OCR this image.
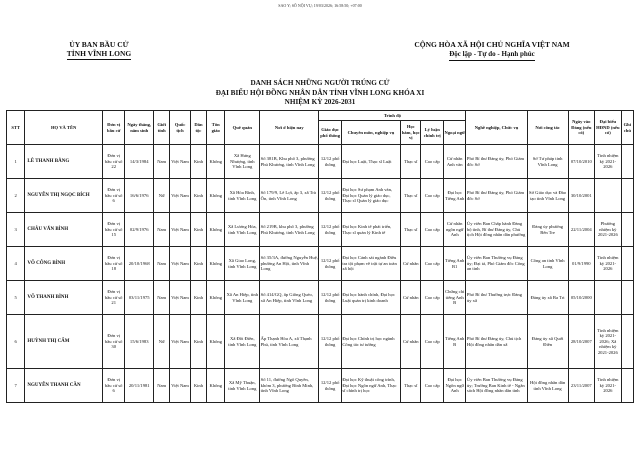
SAO Y; SỐ NỘI VỤ; 19/03/2026; 16:58:50; +07:00
ỦY BAN BẦU CỬ
TỈNH VĨNH LONG
CỘNG HÒA XÃ HỘI CHỦ NGHĨA VIỆT NAM
Độc lập - Tự do - Hạnh phúc
DANH SÁCH NHỮNG NGƯỜI TRÚNG CỬ
ĐẠI BIỂU HỘI ĐỒNG NHÂN DÂN TỈNH VĨNH LONG KHÓA XI
NHIỆM KỲ 2026-2031
STT	HỌ VÀ TÊN	Đơn vị bầu cử	Ngày tháng, năm sinh	Giới tính	Quốc tịch	Dân tộc	Tôn giáo	Quê quán	Nơi ở hiện nay	Trình độ					Nghề nghiệp, Chức vụ	Nơi công tác	Ngày vào Đảng (nếu có)	Đại biểu HĐND (nếu có)	Ghi chú
										Giáo dục phổ thông	Chuyên môn, nghiệp vụ	Học hàm, học vị	Lý luận chính trị	Ngoại ngữ					
1	LÊ THANH BẰNG	Đơn vị bầu cử số 22	14/3/1984	Nam	Việt Nam	Kinh	Không	Xã Hưng Nhượng, tỉnh Vĩnh Long	Số 381B, Khu phố 3, phường Phú Khương, tỉnh Vĩnh Long	12/12 phổ thông	Đại học Luật, Thạc sĩ Luật	Thạc sĩ	Cao cấp	Cử nhân Anh văn	Phó Bí thư Đảng ủy, Phó Giám đốc Sở	Sở Tư pháp tỉnh Vĩnh Long	07/10/2010	Tỉnh nhiệm kỳ 2021-2026	
2	NGUYỄN THỊ NGỌC BÍCH	Đơn vị bầu cử số 6	16/6/1976	Nữ	Việt Nam	Kinh	Không	Xã Hòa Bình, tỉnh Vĩnh Long	Số 179/9, Lê Lợi, ấp 3, xã Trà Ôn, tỉnh Vĩnh Long	12/12 phổ thông	Đại học Sư phạm Anh văn, Đại học Quản lý giáo dục, Thạc sĩ Quản lý giáo dục	Thạc sĩ	Cao cấp	Đại học Tiếng Anh	Phó Bí thư Đảng ủy, Phó Giám đốc Sở	Sở Giáo dục và Đào tạo tỉnh Vĩnh Long	30/10/2001		
3	CHÂU VĂN BÌNH	Đơn vị bầu cử số 15	02/9/1976	Nam	Việt Nam	Kinh	Không	Xã Lương Hòa, tỉnh Vĩnh Long	Số 219B, khu phố 3, phường Phú Khương, tỉnh Vĩnh Long	12/12 phổ thông	Đại học Kinh tế phát triển, Thạc sĩ quản lý Kinh tế	Thạc sĩ	Cao cấp	Cử nhân ngôn ngữ Anh	Ủy viên Ban Chấp hành Đảng bộ tỉnh, Bí thư Đảng ủy, Chủ tịch Hội đồng nhân dân phường	Đảng ủy phường Bến Tre	22/11/2004	Phường nhiệm kỳ 2021-2026	
4	VÕ CÔNG BÌNH	Đơn vị bầu cử số 18	20/10/1968	Nam	Việt Nam	Kinh	Không	Xã Giao Long, tỉnh Vĩnh Long	Số 35/3A, đường Nguyễn Huệ, phường An Hội, tỉnh Vĩnh Long	12/12 phổ thông	Đại học Cảnh sát ngành Điều tra tội phạm về trật tự an toàn xã hội	Cử nhân	Cao cấp	Tiếng Anh B1	Ủy viên Ban Thường vụ Đảng ủy; Đại tá, Phó Giám đốc Công an tỉnh	Công an tỉnh Vĩnh Long	01/9/1990	Tỉnh nhiệm kỳ 2021-2026	
5	VÕ THANH BÌNH	Đơn vị bầu cử số 21	03/11/1975	Nam	Việt Nam	Kinh	Không	Xã An Hiệp, tỉnh Vĩnh Long	Số 414/GQ, ấp Giồng Quéo, xã An Hiệp, tỉnh Vĩnh Long	12/12 phổ thông	Đại học hành chính, Đại học Luật quản trị kinh doanh	Cử nhân	Cao cấp	Chứng chỉ tiếng Anh B	Phó Bí thư Thường trực Đảng ủy xã	Đảng ủy xã Ba Tri	05/10/2000		
6	HUỲNH THỊ CẨM	Đơn vị bầu cử số 30	15/6/1983	Nữ	Việt Nam	Kinh	Không	Xã Đồi Điền, tỉnh Vĩnh Long	Ấp Thạnh Hòa A, xã Thạnh Phú, tỉnh Vĩnh Long	12/12 phổ thông	Đại học Chính trị học ngành Công tác tư tưởng	Cử nhân	Cao cấp	Tiếng Anh B	Phó Bí thư Đảng ủy, Chủ tịch Hội đồng nhân dân xã	Đảng ủy xã Quới Điền	28/10/2007	Tỉnh nhiệm kỳ 2021-2026; Xã nhiệm kỳ 2021-2026	
7	NGUYỄN THANH CẦN	Đơn vị bầu cử số 6	20/11/1981	Nam	Việt Nam	Kinh	Không	Xã Mỹ Thuận, tỉnh Vĩnh Long	Số 11, đường Ngô Quyền, khóm 3, phường Bình Minh, tỉnh Vĩnh Long	12/12 phổ thông	Đại học Kỹ thuật công trình, Đại học Ngôn ngữ Anh, Thạc sĩ chính trị học	Thạc sĩ	Cao cấp	Đại học Ngôn ngữ Anh	Ủy viên Ban Thường vụ Đảng ủy; Trưởng Ban Kinh tế - Ngân sách Hội đồng nhân dân tỉnh	Hội đồng nhân dân tỉnh Vĩnh Long	23/11/2007	Tỉnh nhiệm kỳ 2021-2026	
